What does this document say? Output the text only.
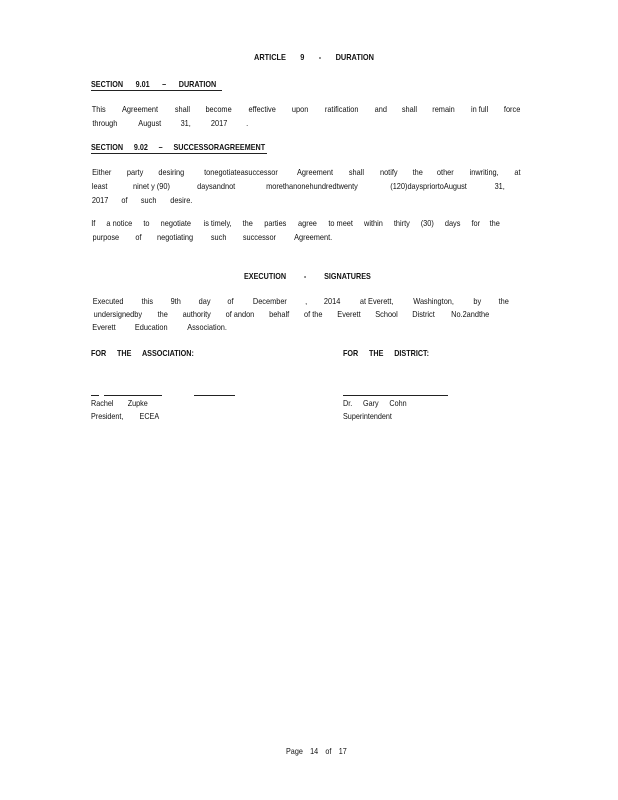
ARTICLE 9 - DURATION
SECTION 9.01 – DURATION
This Agreement shall become effective upon ratification and shall remain in full force
through	August 31, 2017 .
SECTION 9.02 – SUCCESSORAGREEMENT
Either party desiring tonegotiateasuccessor Agreement shall notify the other inwriting, at
least	ninet y (90)	daysandnot	morethanonehundredtwenty	(120)dayspriortoAugust	31,
2017 of such desire.
If a notice to negotiate is timely, the parties agree to meet within thirty (30) days for the
purpose of negotiating such successor Agreement.
EXECUTION - SIGNATURES
Executed this 9th day of December , 2014 at Everett, Washington, by the
undersignedby the authority of andon behalf of the Everett School District No.2andthe
Everett Education Association.
FOR THE ASSOCIATION:	FOR THE DISTRICT:
Rachel Zupke
President, ECEA
Dr. Gary Cohn
Superintendent
Page 14 of 17
